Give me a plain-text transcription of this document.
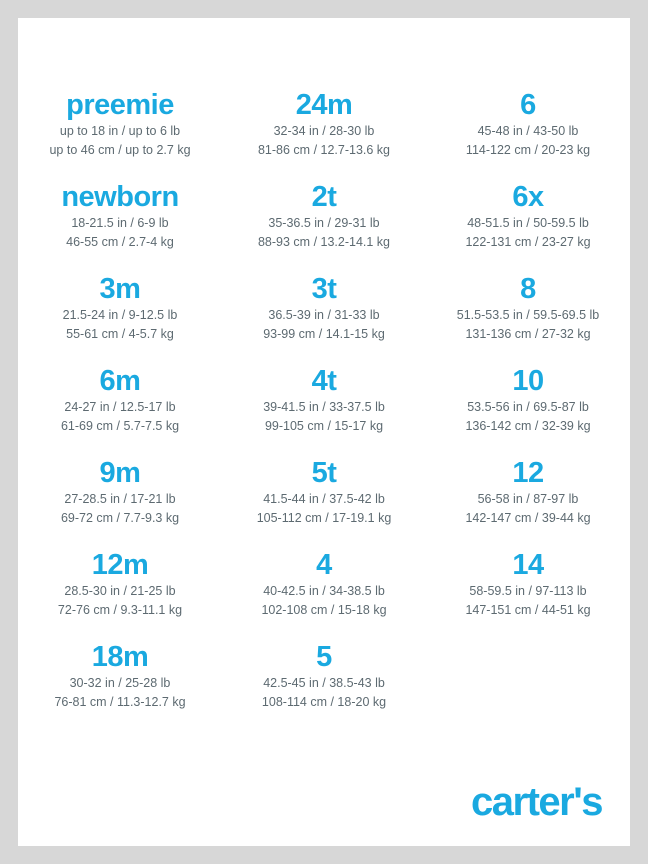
preemie
up to 18 in / up to 6 lb
up to 46 cm / up to 2.7 kg
newborn
18-21.5 in / 6-9 lb
46-55 cm / 2.7-4 kg
3m
21.5-24 in / 9-12.5 lb
55-61 cm / 4-5.7 kg
6m
24-27 in / 12.5-17 lb
61-69 cm / 5.7-7.5 kg
9m
27-28.5 in / 17-21 lb
69-72 cm / 7.7-9.3 kg
12m
28.5-30 in / 21-25 lb
72-76 cm / 9.3-11.1 kg
18m
30-32 in / 25-28 lb
76-81 cm / 11.3-12.7 kg
24m
32-34 in / 28-30 lb
81-86 cm / 12.7-13.6 kg
2t
35-36.5 in / 29-31 lb
88-93 cm / 13.2-14.1 kg
3t
36.5-39 in / 31-33 lb
93-99 cm / 14.1-15 kg
4t
39-41.5 in / 33-37.5 lb
99-105 cm / 15-17 kg
5t
41.5-44 in / 37.5-42 lb
105-112 cm / 17-19.1 kg
4
40-42.5 in / 34-38.5 lb
102-108 cm / 15-18 kg
5
42.5-45 in / 38.5-43 lb
108-114 cm / 18-20 kg
6
45-48 in / 43-50 lb
114-122 cm / 20-23 kg
6x
48-51.5 in / 50-59.5 lb
122-131 cm / 23-27 kg
8
51.5-53.5 in / 59.5-69.5 lb
131-136 cm / 27-32 kg
10
53.5-56 in / 69.5-87 lb
136-142 cm / 32-39 kg
12
56-58 in / 87-97 lb
142-147 cm / 39-44 kg
14
58-59.5 in / 97-113 lb
147-151 cm / 44-51 kg
carter's
